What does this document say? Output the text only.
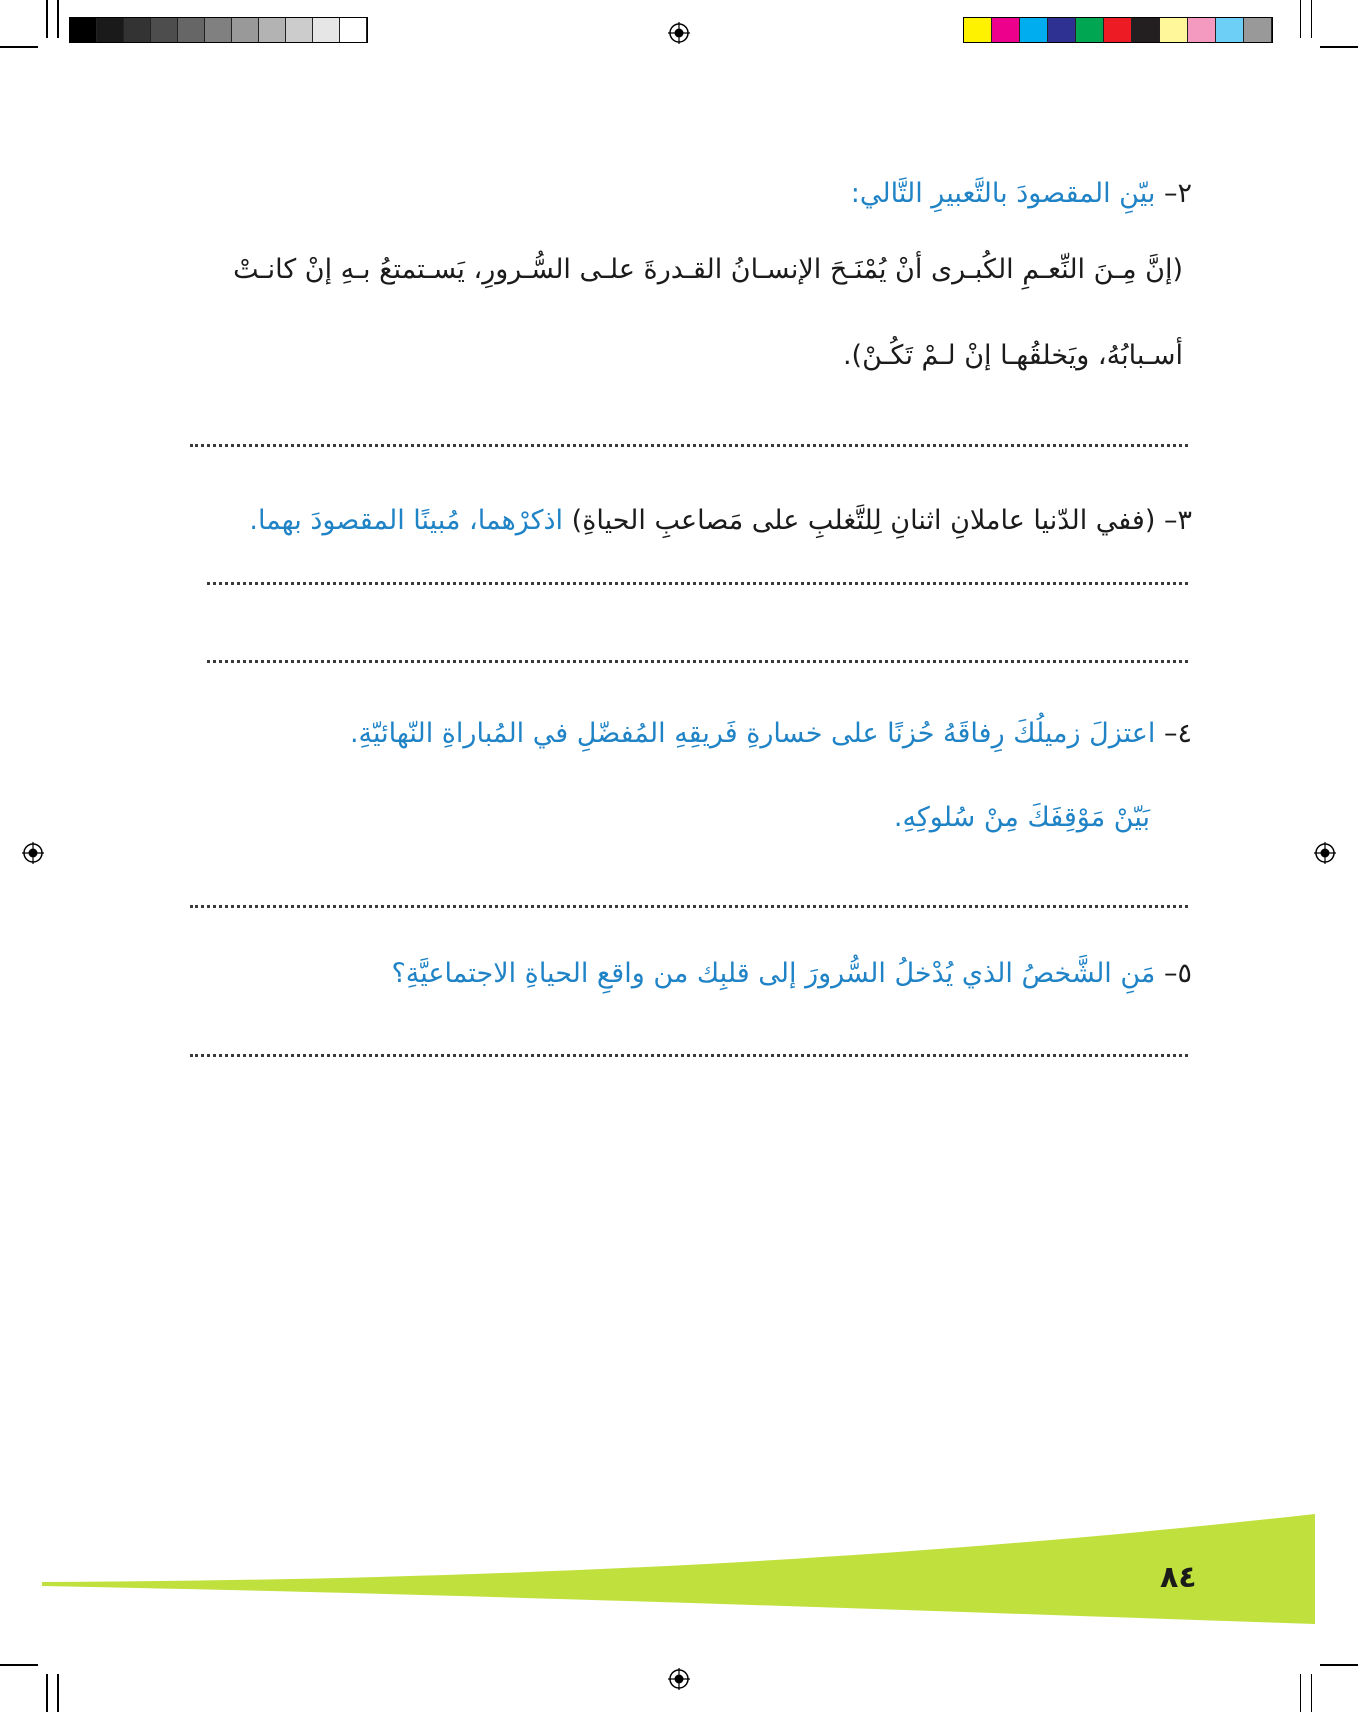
٢– بيّنِ المقصودَ بالتَّعبيرِ التَّالي:
(إنَّ مِـنَ النِّعـمِ الكُبـرى أنْ يُمْنَـحَ الإنسـانُ القـدرةَ علـى السُّـرورِ، يَسـتمتعُ بـهِ إنْ كانـتْ
أسـبابُهُ، ويَخلقُهـا إنْ لـمْ تَكُـنْ).
٣– (ففي الدّنيا عاملانِ اثنانِ لِلتَّغلبِ على مَصاعبِ الحياةِ) اذكرْهما، مُبينًا المقصودَ بهما.
٤– اعتزلَ زميلُكَ رِفاقَهُ حُزنًا على خسارةِ فَريقِهِ المُفضّلِ في المُباراةِ النّهائيّةِ.
بَيّنْ مَوْقِفَكَ مِنْ سُلوكِهِ.
٥– مَنِ الشَّخصُ الذي يُدْخلُ السُّرورَ إلى قلبِك من واقعِ الحياةِ الاجتماعيَّةِ؟
٨٤
